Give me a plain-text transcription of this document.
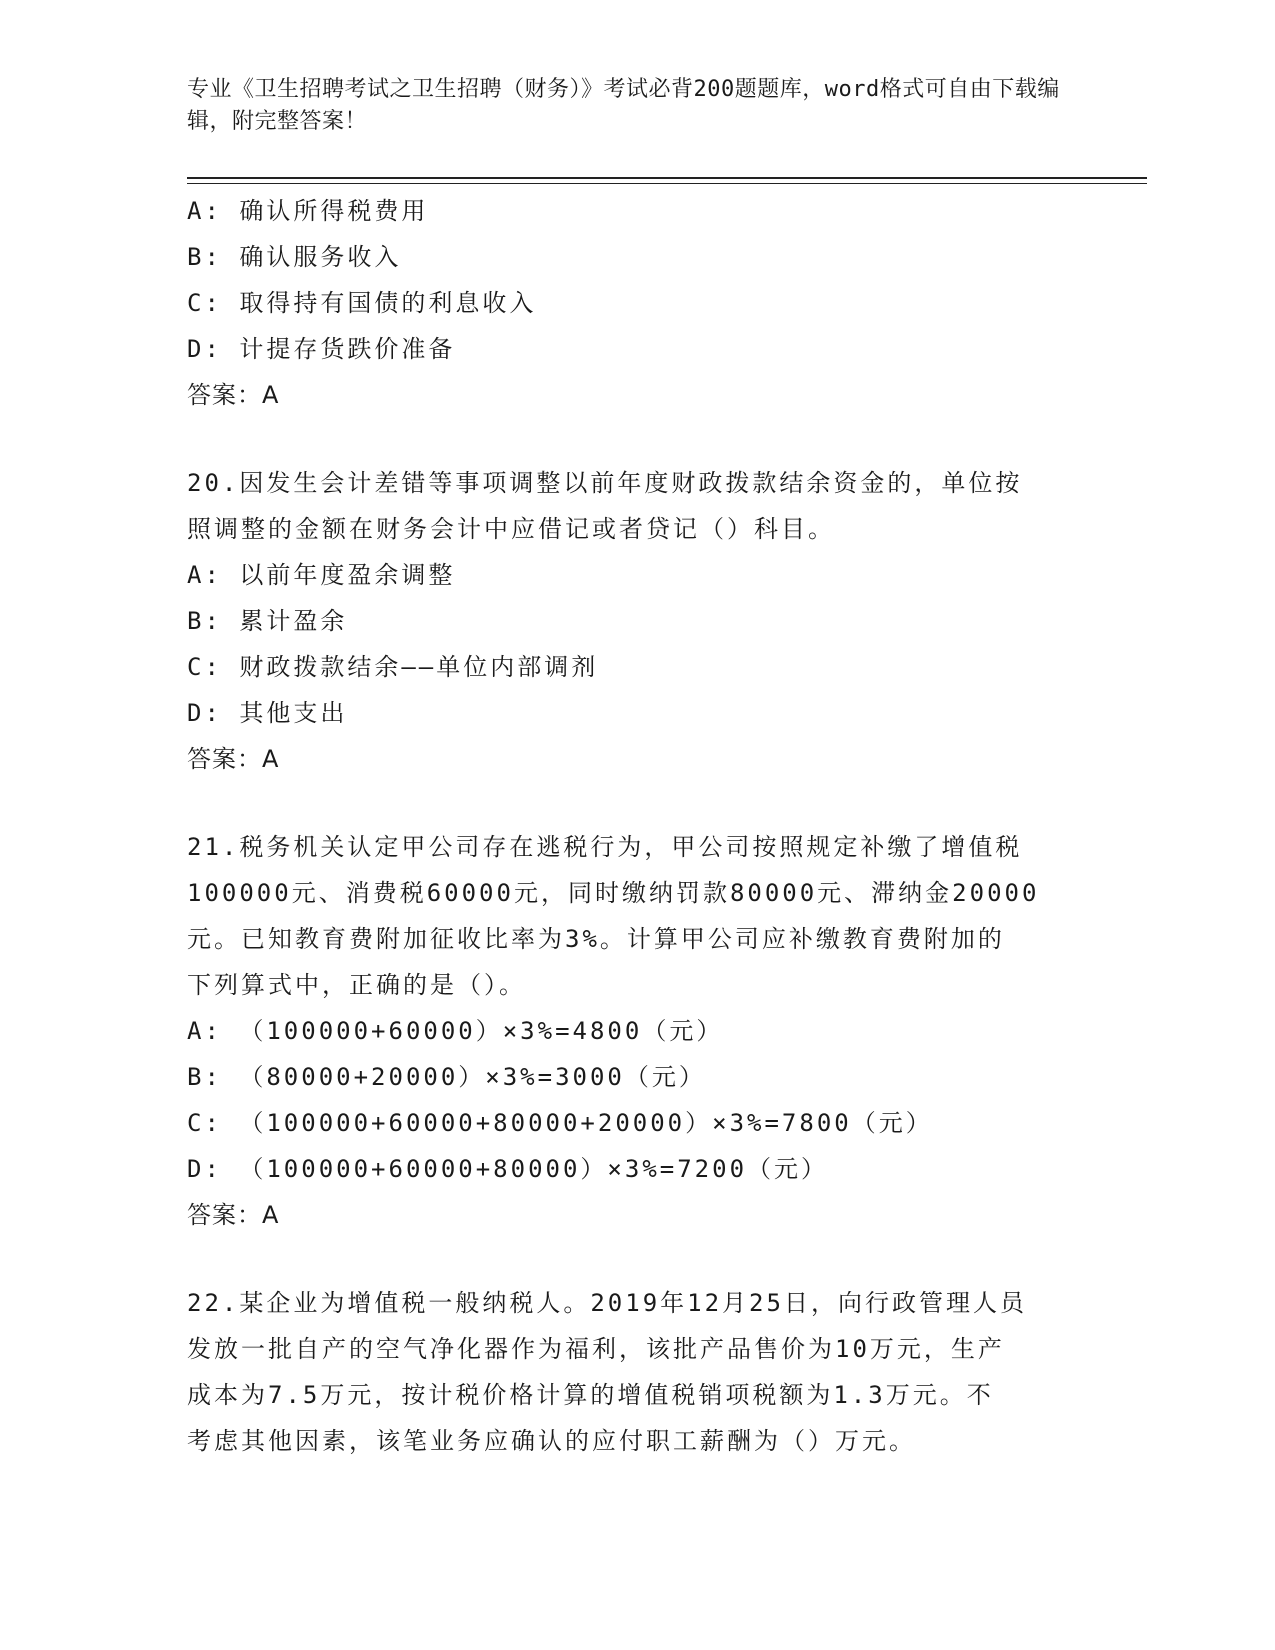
专业《卫生招聘考试之卫生招聘（财务）》考试必背200题题库，word格式可自由下载编辑，附完整答案！
A: 确认所得税费用
B: 确认服务收入
C: 取得持有国债的利息收入
D: 计提存货跌价准备
答案：A
20.因发生会计差错等事项调整以前年度财政拨款结余资金的，单位按
照调整的金额在财务会计中应借记或者贷记（）科目。
A: 以前年度盈余调整
B: 累计盈余
C: 财政拨款结余——单位内部调剂
D: 其他支出
答案：A
21.税务机关认定甲公司存在逃税行为，甲公司按照规定补缴了增值税
100000元、消费税60000元，同时缴纳罚款80000元、滞纳金20000
元。已知教育费附加征收比率为3%。计算甲公司应补缴教育费附加的
下列算式中，正确的是（）。
A: （100000+60000）×3%=4800（元）
B: （80000+20000）×3%=3000（元）
C: （100000+60000+80000+20000）×3%=7800（元）
D: （100000+60000+80000）×3%=7200（元）
答案：A
22.某企业为增值税一般纳税人。2019年12月25日，向行政管理人员
发放一批自产的空气净化器作为福利，该批产品售价为10万元，生产
成本为7.5万元，按计税价格计算的增值税销项税额为1.3万元。不
考虑其他因素，该笔业务应确认的应付职工薪酬为（）万元。
